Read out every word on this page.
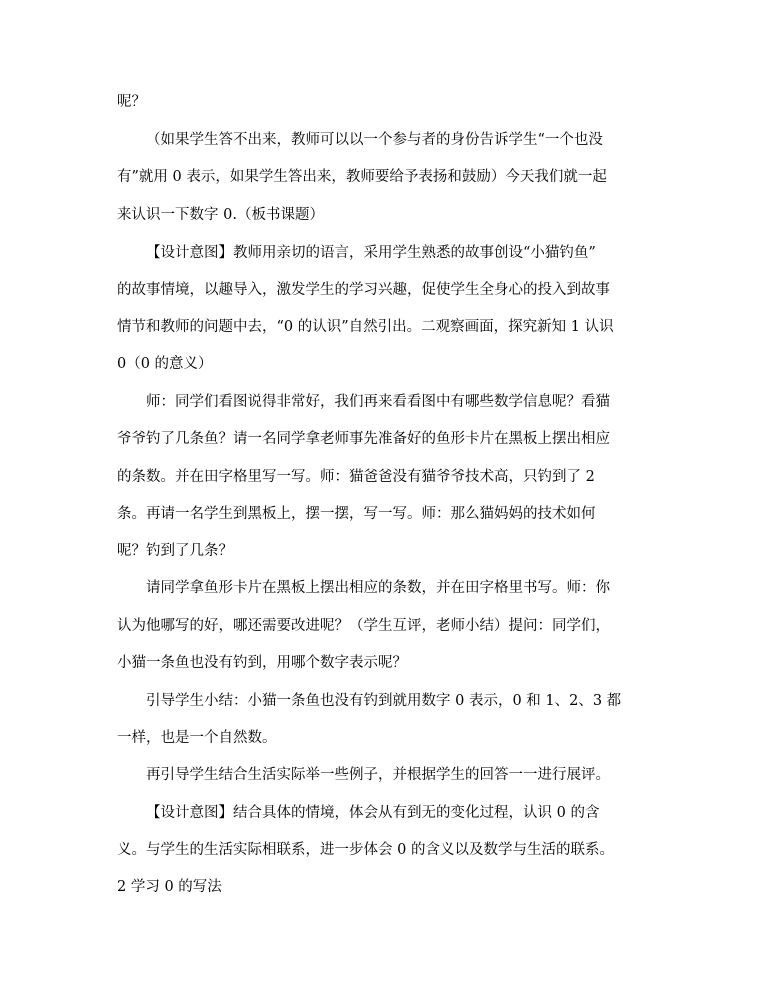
呢？
（如果学生答不出来，教师可以以一个参与者的身份告诉学生“一个也没
有”就用 0 表示，如果学生答出来，教师要给予表扬和鼓励）今天我们就一起
来认识一下数字 0.（板书课题）
【设计意图】教师用亲切的语言，采用学生熟悉的故事创设“小猫钓鱼”
的故事情境，以趣导入，激发学生的学习兴趣，促使学生全身心的投入到故事
情节和教师的问题中去，“0 的认识”自然引出。二观察画面，探究新知 1 认识
0（0 的意义）
师：同学们看图说得非常好，我们再来看看图中有哪些数学信息呢？看猫
爷爷钓了几条鱼？请一名同学拿老师事先准备好的鱼形卡片在黑板上摆出相应
的条数。并在田字格里写一写。师：猫爸爸没有猫爷爷技术高，只钓到了 2
条。再请一名学生到黑板上，摆一摆，写一写。师：那么猫妈妈的技术如何
呢？钓到了几条？
请同学拿鱼形卡片在黑板上摆出相应的条数，并在田字格里书写。师：你
认为他哪写的好，哪还需要改进呢？（学生互评，老师小结）提问：同学们，
小猫一条鱼也没有钓到，用哪个数字表示呢？
引导学生小结：小猫一条鱼也没有钓到就用数字 0 表示，0 和 1、2、3 都
一样，也是一个自然数。
再引导学生结合生活实际举一些例子，并根据学生的回答一一进行展评。
【设计意图】结合具体的情境，体会从有到无的变化过程，认识 0 的含
义。与学生的生活实际相联系，进一步体会 0 的含义以及数学与生活的联系。
2 学习 0 的写法
